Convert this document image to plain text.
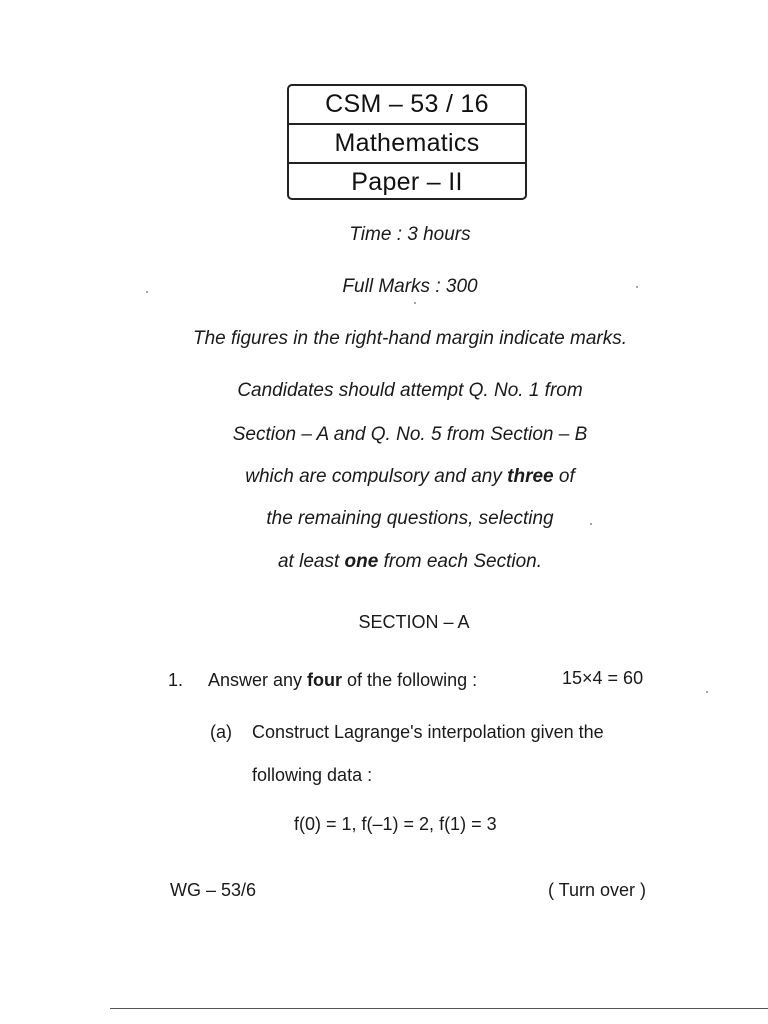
CSM – 53 / 16
Mathematics
Paper – II
Time : 3 hours
Full Marks : 300
The figures in the right-hand margin indicate marks.
Candidates should attempt Q. No. 1 from
Section – A and Q. No. 5 from Section – B
which are compulsory and any three of
the remaining questions, selecting
at least one from each Section.
SECTION – A
1. Answer any four of the following :	15×4 = 60
(a) Construct Lagrange's interpolation given the
following data :
f(0) = 1, f(–1) = 2, f(1) = 3
WG – 53/6	( Turn over )
